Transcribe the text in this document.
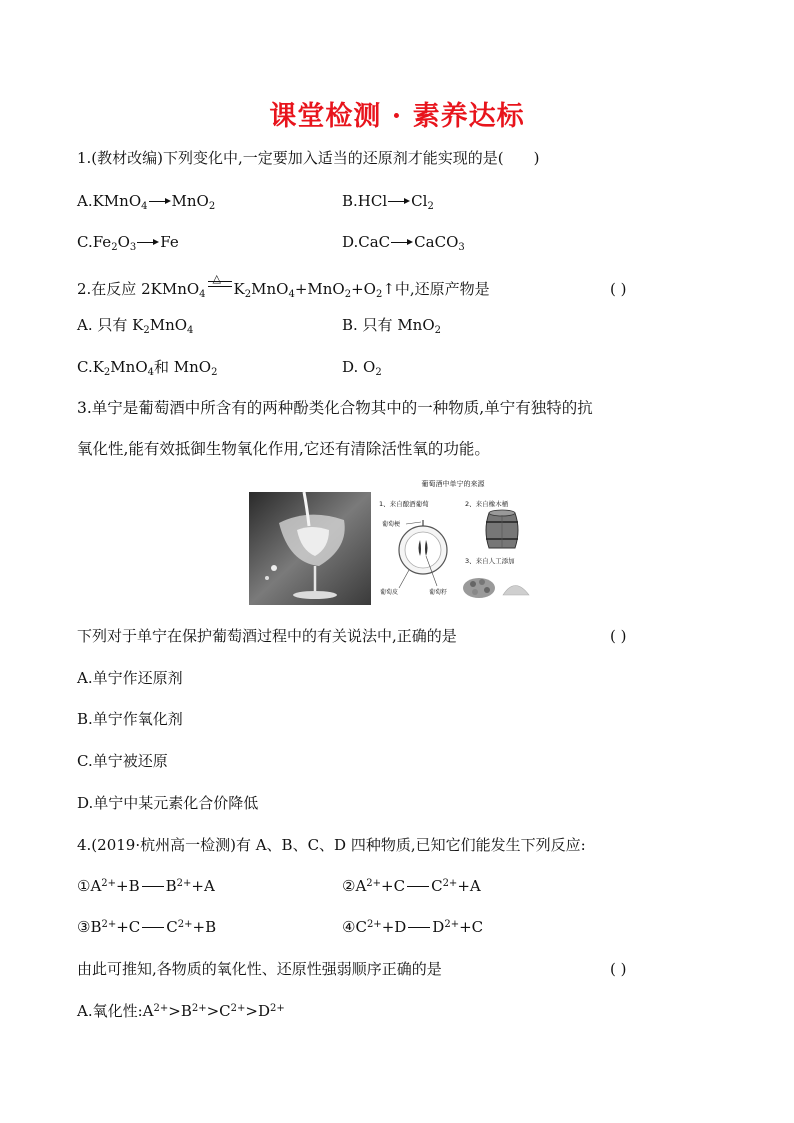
课堂检测 · 素养达标
1.(教材改编)下列变化中,一定要加入适当的还原剂才能实现的是( )
A.KMnO$_4$ MnO$_2$	B.HCl $Cl_2$
$C.Fe_2O_3$ Fe	D.CaC CaCO$_3$
2.在反应 2KMnO$_4$
△
$K_2MnO_4+MnO_2+O_2↑$中,还原产物是	( )
A. 只有 $K_2MnO_4$	B. 只有 MnO$_2$
$C.K_2MnO_4$和 MnO$_2$	D. $O_2$
3.单宁是葡萄酒中所含有的两种酚类化合物其中的一种物质,单宁有独特的抗
氧化性,能有效抵御生物氧化作用,它还有清除活性氧的功能。
葡萄酒中单宁的来源
1、来自酿酒葡萄	2、来自橡木桶
3、来自人工添加
葡萄梗
葡萄皮	葡萄籽
下列对于单宁在保护葡萄酒过程中的有关说法中,正确的是	( )
A.单宁作还原剂
B.单宁作氧化剂
C.单宁被还原
D.单宁中某元素化合价降低
4.(2019·杭州高一检测)有 A、B、C、D 四种物质,已知它们能发生下列反应:
$①A^{2+}+B$ $B^{2+}+A$	$②A^{2+}+C$ $C^{2+}+A$
$③B^{2+}+C$ $C^{2+}+B$	$④C^{2+}+D$ $D^{2+}+C$
由此可推知,各物质的氧化性、还原性强弱顺序正确的是	( )
A.氧化性$:A^{2+}>B^{2+}>C^{2+}>D^{2+}$
